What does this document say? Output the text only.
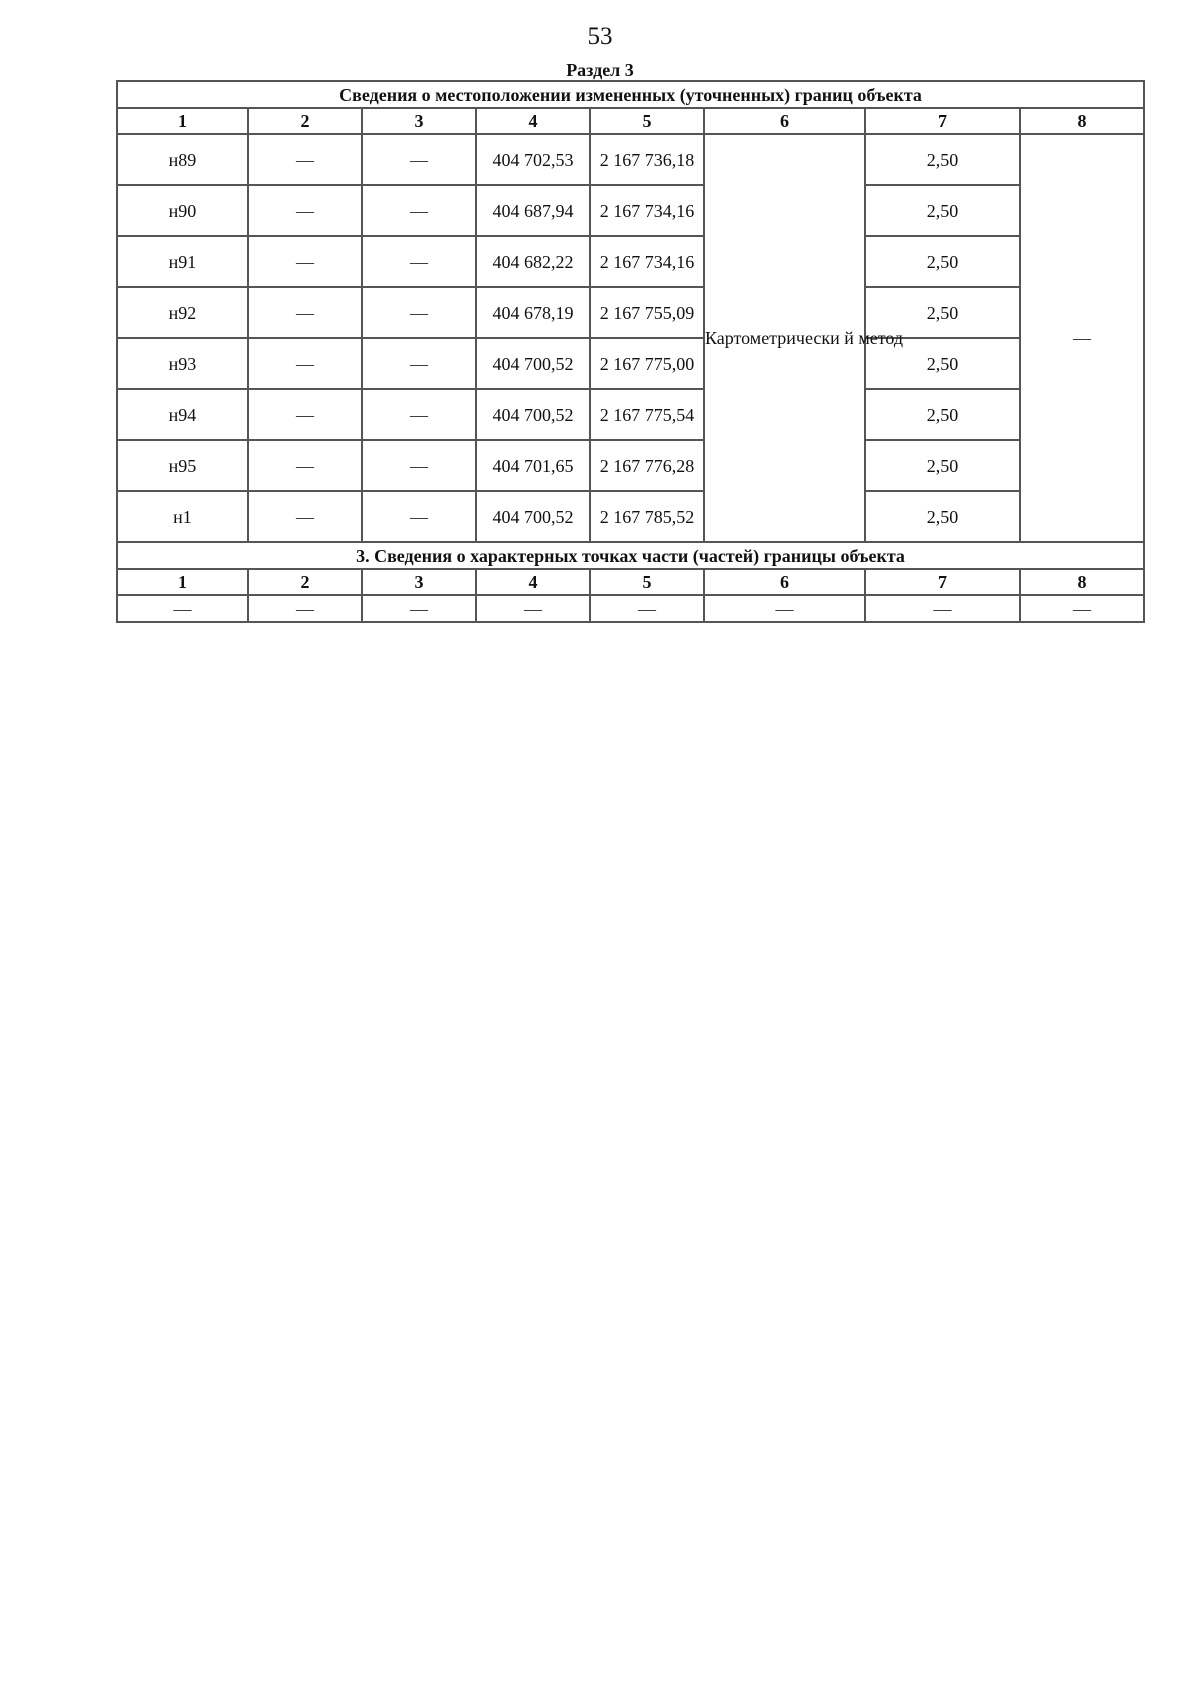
53
Раздел 3
Сведения о местоположении измененных (уточненных) границ объекта							
1	2	3	4	5	6	7	8
н89	—	—	404 702,53	2 167 736,18	Картометрически й метод	2,50	—
н90	—	—	404 687,94	2 167 734,16		2,50	
н91	—	—	404 682,22	2 167 734,16		2,50	
н92	—	—	404 678,19	2 167 755,09		2,50	
н93	—	—	404 700,52	2 167 775,00		2,50	
н94	—	—	404 700,52	2 167 775,54		2,50	
н95	—	—	404 701,65	2 167 776,28		2,50	
н1	—	—	404 700,52	2 167 785,52		2,50	
3. Сведения о характерных точках части (частей) границы объекта							
1	2	3	4	5	6	7	8
—	—	—	—	—	—	—	—
